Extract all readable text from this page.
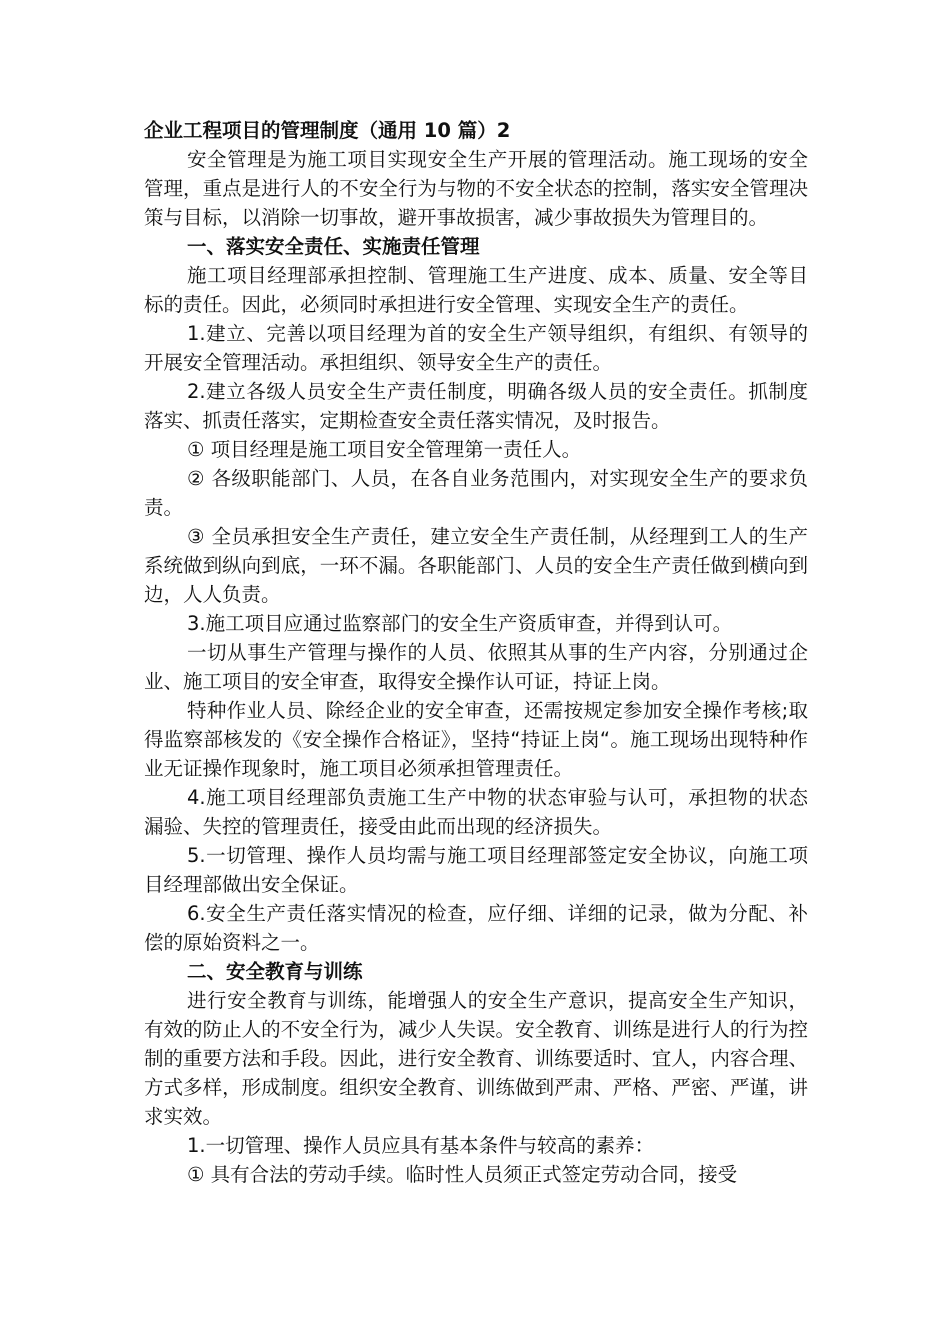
企业工程项目的管理制度（通用 10 篇）2

安全管理是为施工项目实现安全生产开展的管理活动。施工现场的安全管理，重点是进行人的不安全行为与物的不安全状态的控制，落实安全管理决策与目标，以消除一切事故，避开事故损害，减少事故损失为管理目的。

一、落实安全责任、实施责任管理

施工项目经理部承担控制、管理施工生产进度、成本、质量、安全等目标的责任。因此，必须同时承担进行安全管理、实现安全生产的责任。

1.建立、完善以项目经理为首的安全生产领导组织，有组织、有领导的开展安全管理活动。承担组织、领导安全生产的责任。

2.建立各级人员安全生产责任制度，明确各级人员的安全责任。抓制度落实、抓责任落实，定期检查安全责任落实情况，及时报告。

① 项目经理是施工项目安全管理第一责任人。

② 各级职能部门、人员，在各自业务范围内，对实现安全生产的要求负责。

③ 全员承担安全生产责任，建立安全生产责任制，从经理到工人的生产系统做到纵向到底，一环不漏。各职能部门、人员的安全生产责任做到横向到边，人人负责。

3.施工项目应通过监察部门的安全生产资质审查，并得到认可。

一切从事生产管理与操作的人员、依照其从事的生产内容，分别通过企业、施工项目的安全审查，取得安全操作认可证，持证上岗。

特种作业人员、除经企业的安全审查，还需按规定参加安全操作考核;取得监察部核发的《安全操作合格证》，坚持“持证上岗“。施工现场出现特种作业无证操作现象时，施工项目必须承担管理责任。

4.施工项目经理部负责施工生产中物的状态审验与认可，承担物的状态漏验、失控的管理责任，接受由此而出现的经济损失。

5.一切管理、操作人员均需与施工项目经理部签定安全协议，向施工项目经理部做出安全保证。

6.安全生产责任落实情况的检查，应仔细、详细的记录，做为分配、补偿的原始资料之一。

二、安全教育与训练

进行安全教育与训练，能增强人的安全生产意识，提高安全生产知识，有效的防止人的不安全行为，减少人失误。安全教育、训练是进行人的行为控制的重要方法和手段。因此，进行安全教育、训练要适时、宜人，内容合理、方式多样，形成制度。组织安全教育、训练做到严肃、严格、严密、严谨，讲求实效。

1.一切管理、操作人员应具有基本条件与较高的素养：

① 具有合法的劳动手续。临时性人员须正式签定劳动合同，接受
